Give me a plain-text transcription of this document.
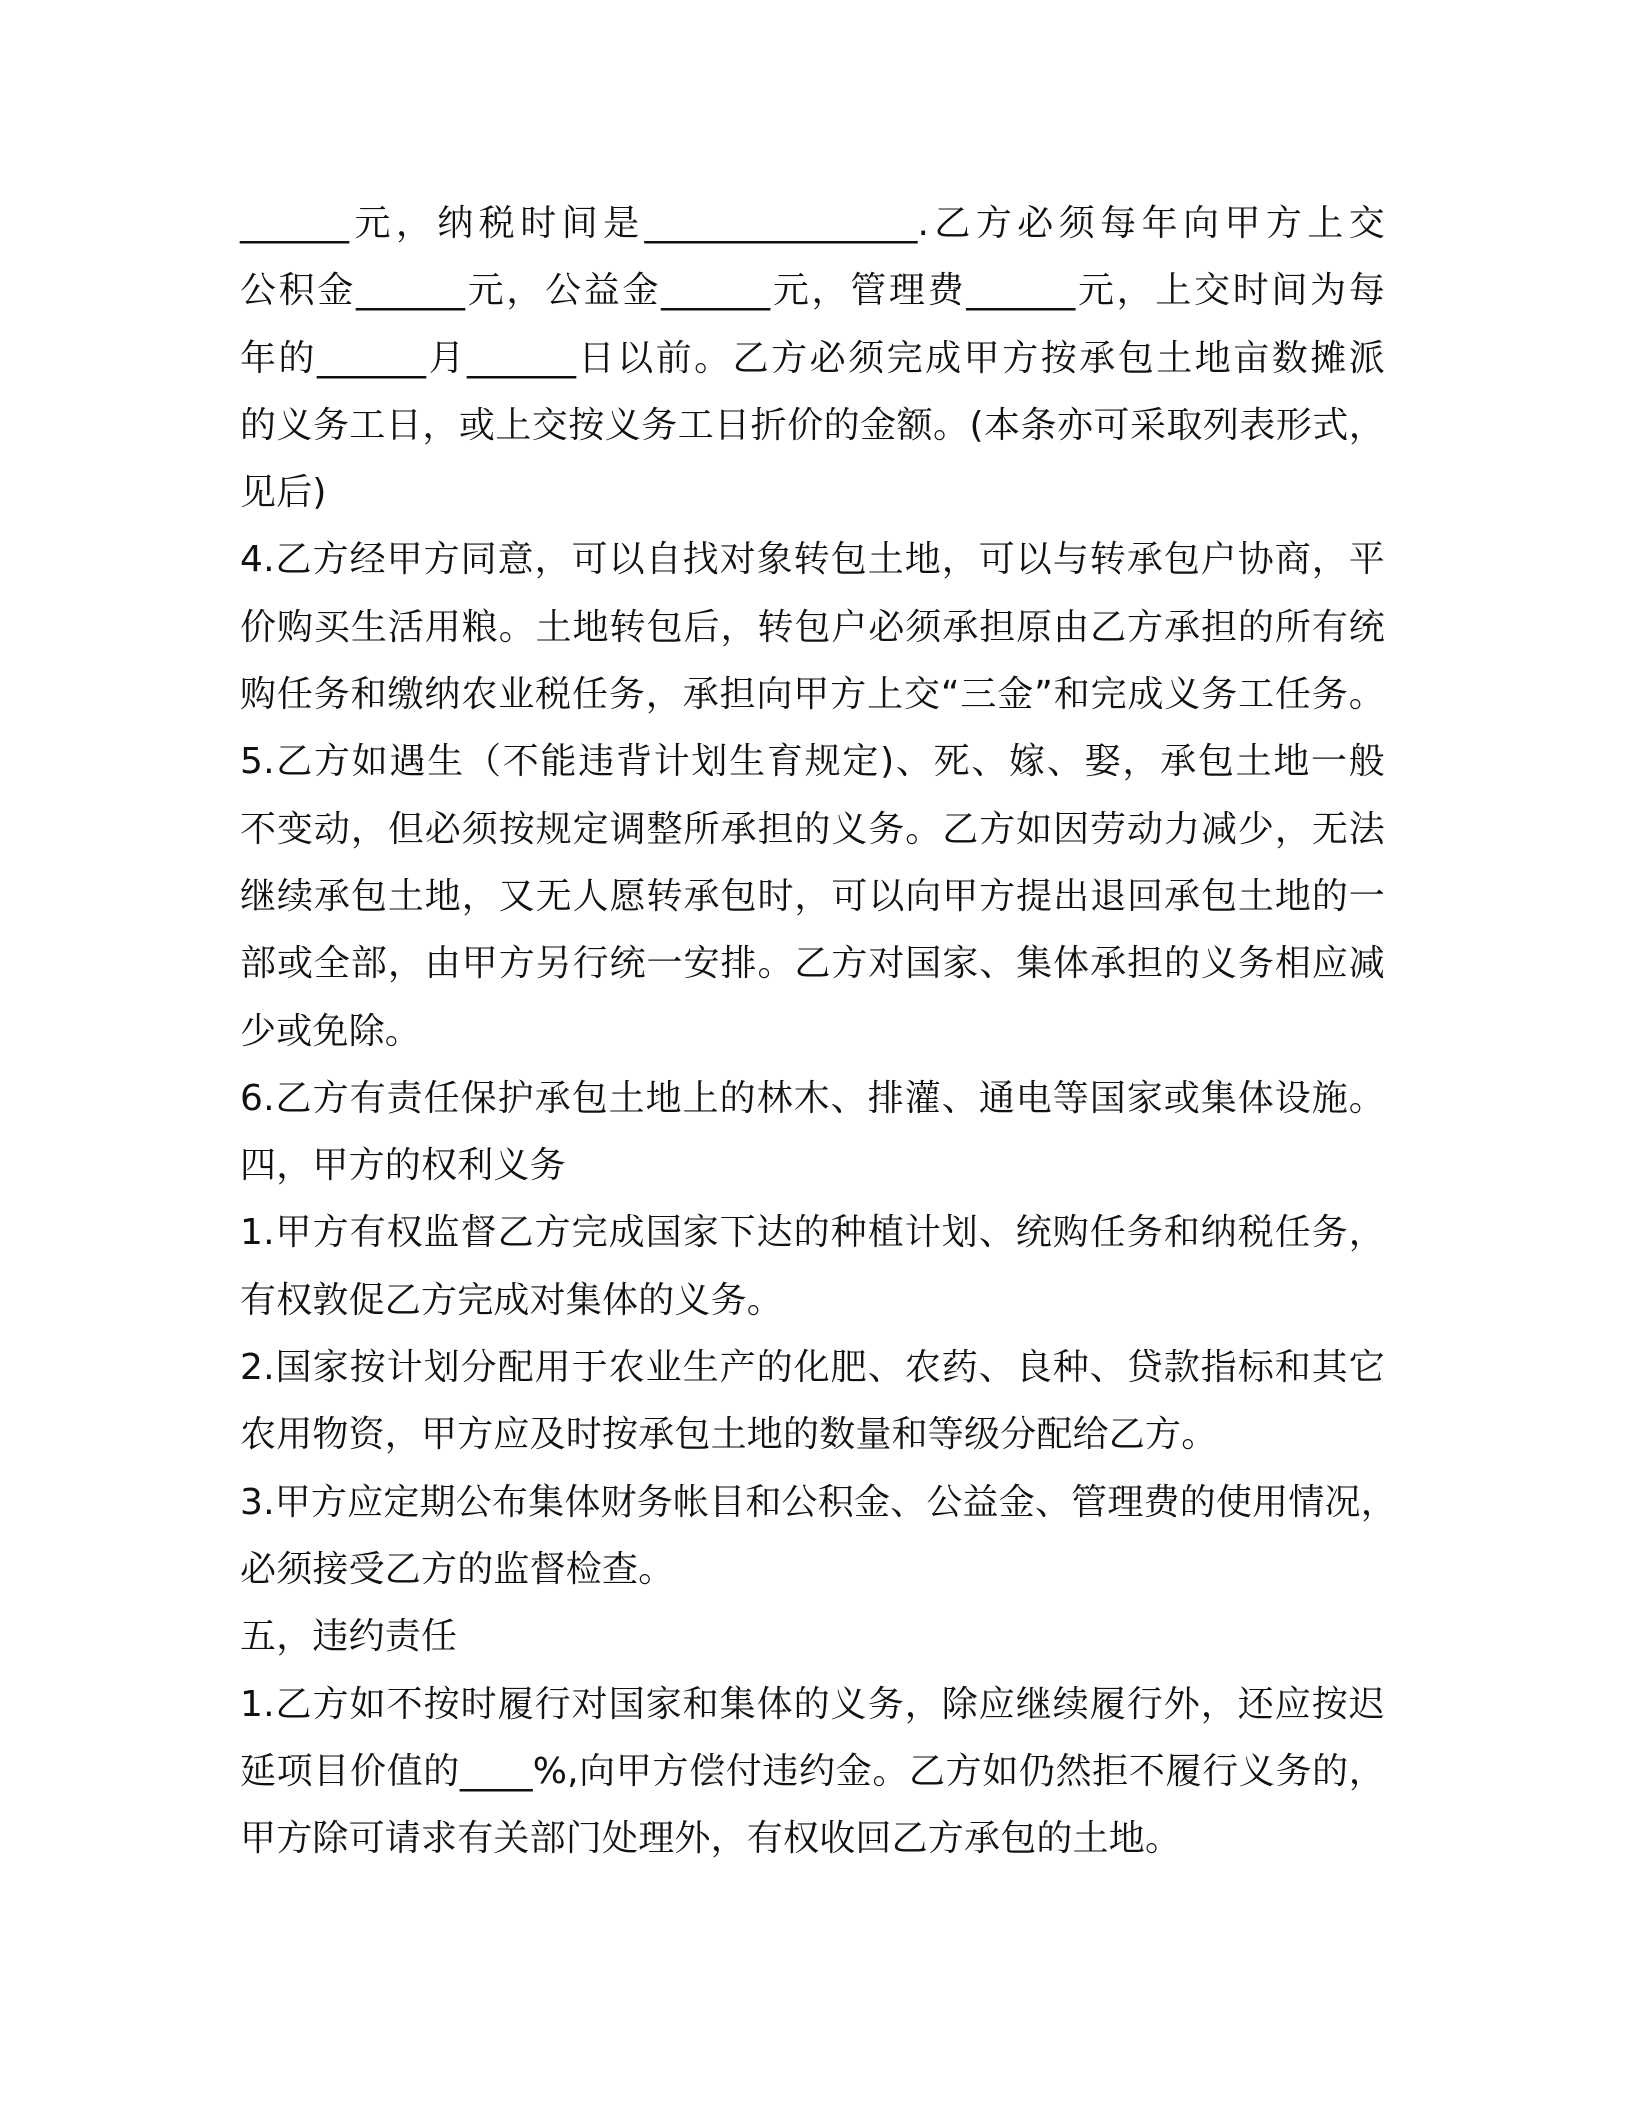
______元，纳税时间是_______________.乙方必须每年向甲方上交
公积金______元，公益金______元，管理费______元，上交时间为每
年的______月______日以前。乙方必须完成甲方按承包土地亩数摊派
的义务工日，或上交按义务工日折价的金额。(本条亦可采取列表形式，
见后)
4.乙方经甲方同意，可以自找对象转包土地，可以与转承包户协商，平
价购买生活用粮。土地转包后，转包户必须承担原由乙方承担的所有统
购任务和缴纳农业税任务，承担向甲方上交“三金”和完成义务工任务。
5.乙方如遇生（不能违背计划生育规定)、死、嫁、娶，承包土地一般
不变动，但必须按规定调整所承担的义务。乙方如因劳动力减少，无法
继续承包土地，又无人愿转承包时，可以向甲方提出退回承包土地的一
部或全部，由甲方另行统一安排。乙方对国家、集体承担的义务相应减
少或免除。
6.乙方有责任保护承包土地上的林木、排灌、通电等国家或集体设施。
四，甲方的权利义务
1.甲方有权监督乙方完成国家下达的种植计划、统购任务和纳税任务，
有权敦促乙方完成对集体的义务。
2.国家按计划分配用于农业生产的化肥、农药、良种、贷款指标和其它
农用物资，甲方应及时按承包土地的数量和等级分配给乙方。
3.甲方应定期公布集体财务帐目和公积金、公益金、管理费的使用情况，
必须接受乙方的监督检查。
五，违约责任
1.乙方如不按时履行对国家和集体的义务，除应继续履行外，还应按迟
延项目价值的____%,向甲方偿付违约金。乙方如仍然拒不履行义务的，
甲方除可请求有关部门处理外，有权收回乙方承包的土地。
